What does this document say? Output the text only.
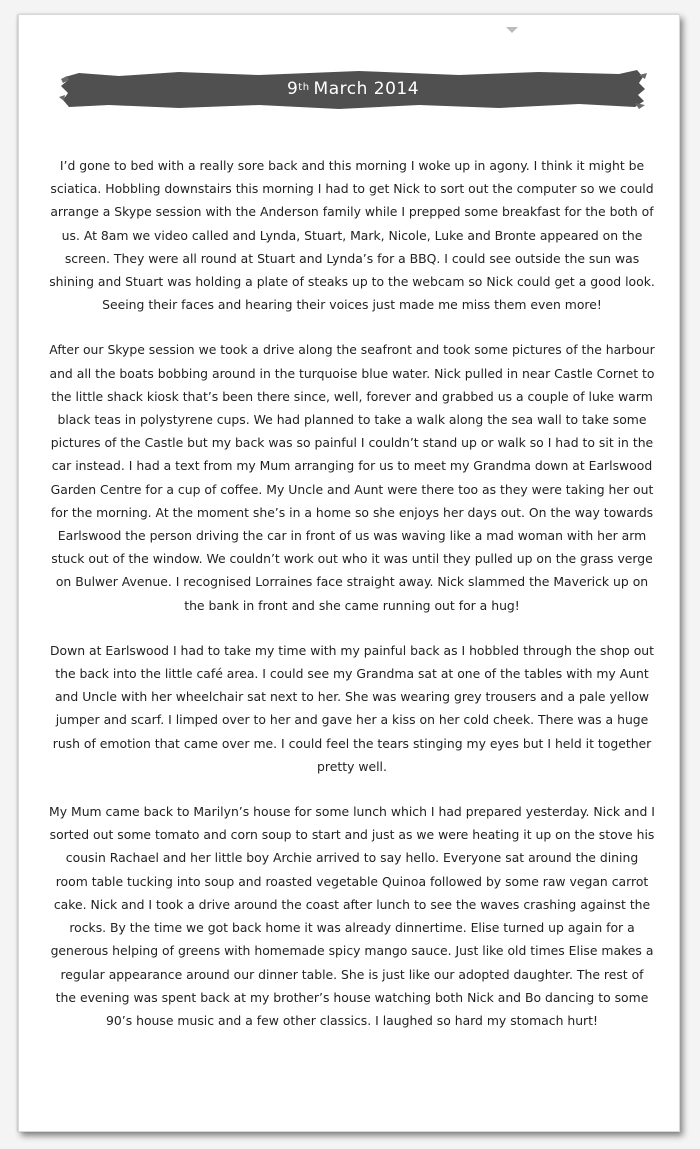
9th March 2014

I’d gone to bed with a really sore back and this morning I woke up in agony. I think it might be sciatica. Hobbling downstairs this morning I had to get Nick to sort out the computer so we could arrange a Skype session with the Anderson family while I prepped some breakfast for the both of us. At 8am we video called and Lynda, Stuart, Mark, Nicole, Luke and Bronte appeared on the screen. They were all round at Stuart and Lynda’s for a BBQ. I could see outside the sun was shining and Stuart was holding a plate of steaks up to the webcam so Nick could get a good look. Seeing their faces and hearing their voices just made me miss them even more!

After our Skype session we took a drive along the seafront and took some pictures of the harbour and all the boats bobbing around in the turquoise blue water. Nick pulled in near Castle Cornet to the little shack kiosk that’s been there since, well, forever and grabbed us a couple of luke warm black teas in polystyrene cups. We had planned to take a walk along the sea wall to take some pictures of the Castle but my back was so painful I couldn’t stand up or walk so I had to sit in the car instead. I had a text from my Mum arranging for us to meet my Grandma down at Earlswood Garden Centre for a cup of coffee. My Uncle and Aunt were there too as they were taking her out for the morning. At the moment she’s in a home so she enjoys her days out. On the way towards Earlswood the person driving the car in front of us was waving like a mad woman with her arm stuck out of the window. We couldn’t work out who it was until they pulled up on the grass verge on Bulwer Avenue. I recognised Lorraines face straight away. Nick slammed the Maverick up on the bank in front and she came running out for a hug!

Down at Earlswood I had to take my time with my painful back as I hobbled through the shop out the back into the little café area. I could see my Grandma sat at one of the tables with my Aunt and Uncle with her wheelchair sat next to her. She was wearing grey trousers and a pale yellow jumper and scarf. I limped over to her and gave her a kiss on her cold cheek. There was a huge rush of emotion that came over me. I could feel the tears stinging my eyes but I held it together pretty well.

My Mum came back to Marilyn’s house for some lunch which I had prepared yesterday. Nick and I sorted out some tomato and corn soup to start and just as we were heating it up on the stove his cousin Rachael and her little boy Archie arrived to say hello. Everyone sat around the dining room table tucking into soup and roasted vegetable Quinoa followed by some raw vegan carrot cake. Nick and I took a drive around the coast after lunch to see the waves crashing against the rocks. By the time we got back home it was already dinnertime. Elise turned up again for a generous helping of greens with homemade spicy mango sauce. Just like old times Elise makes a regular appearance around our dinner table. She is just like our adopted daughter. The rest of the evening was spent back at my brother’s house watching both Nick and Bo dancing to some 90’s house music and a few other classics. I laughed so hard my stomach hurt!
